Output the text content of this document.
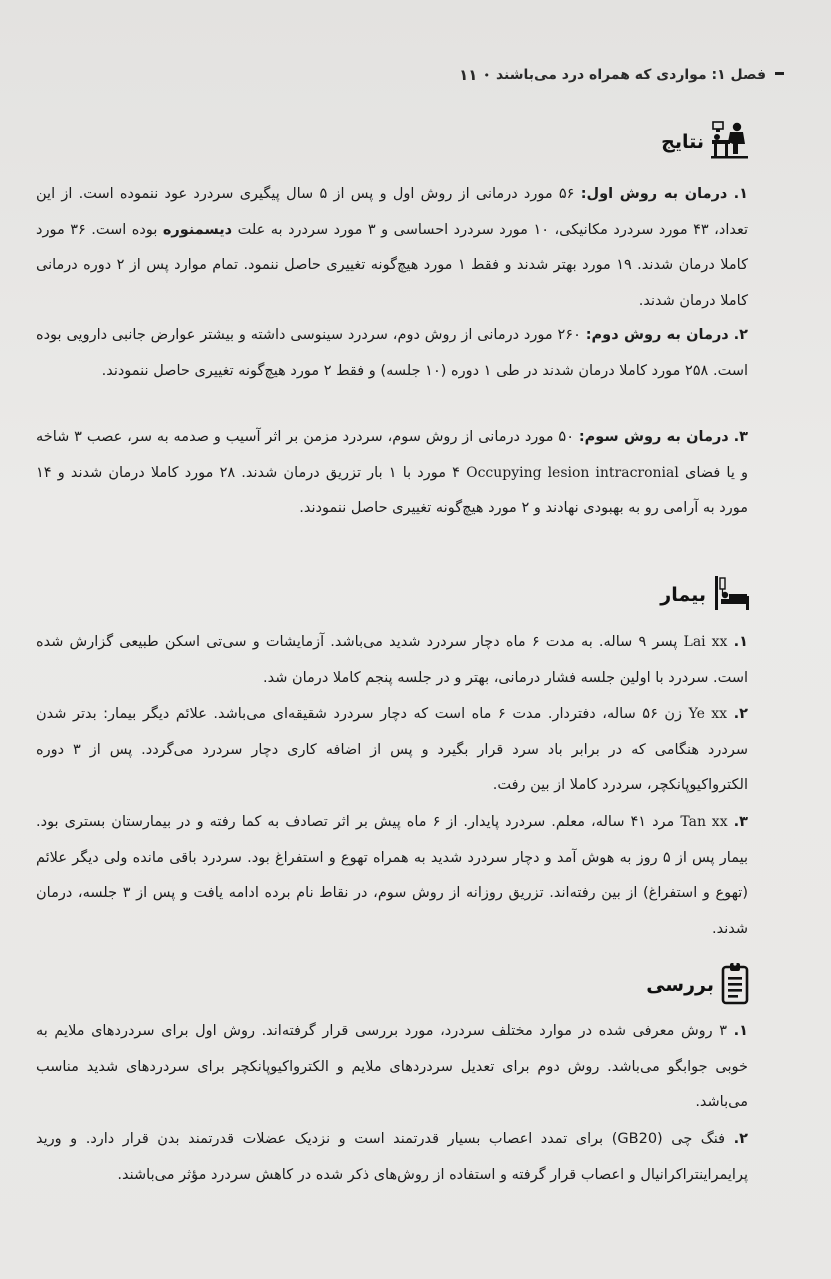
فصل ۱: مواردی که همراه درد می‌باشند
•
۱۱
نتایج
۱. درمان به روش اول: ۵۶ مورد درمانی از روش اول و پس از ۵ سال پیگیری سردرد عود ننموده است. از این تعداد، ۴۳ مورد سردرد مکانیکی، ۱۰ مورد سردرد احساسی و ۳ مورد سردرد به علت دیسمنوره بوده است. ۳۶ مورد کاملا درمان شدند. ۱۹ مورد بهتر شدند و فقط ۱ مورد هیچ‌گونه تغییری حاصل ننمود. تمام موارد پس از ۲ دوره درمانی کاملا درمان شدند.
۲. درمان به روش دوم: ۲۶۰ مورد درمانی از روش دوم، سردرد سینوسی داشته و بیشتر عوارض جانبی دارویی بوده است. ۲۵۸ مورد کاملا درمان شدند در طی ۱ دوره (۱۰ جلسه) و فقط ۲ مورد هیچ‌گونه تغییری حاصل ننمودند.
۳. درمان به روش سوم: ۵۰ مورد درمانی از روش سوم، سردرد مزمن بر اثر آسیب و صدمه به سر، عصب ۳ شاخه و یا فضای Occupying lesion intracronial ۴ مورد با ۱ بار تزریق درمان شدند. ۲۸ مورد کاملا درمان شدند و ۱۴ مورد به آرامی رو به بهبودی نهادند و ۲ مورد هیچ‌گونه تغییری حاصل ننمودند.
بیمار
۱. Lai xx پسر ۹ ساله. به مدت ۶ ماه دچار سردرد شدید می‌باشد. آزمایشات و سی‌تی اسکن طبیعی گزارش شده است. سردرد با اولین جلسه فشار درمانی، بهتر و در جلسه پنجم کاملا درمان شد.
۲. Ye xx زن ۵۶ ساله، دفتردار. مدت ۶ ماه است که دچار سردرد شقیقه‌ای می‌باشد. علائم دیگر بیمار: بدتر شدن سردرد هنگامی که در برابر باد سرد قرار بگیرد و پس از اضافه کاری دچار سردرد می‌گردد. پس از ۳ دوره الکترواکیوپانکچر، سردرد کاملا از بین رفت.
۳. Tan xx مرد ۴۱ ساله، معلم. سردرد پایدار. از ۶ ماه پیش بر اثر تصادف به کما رفته و در بیمارستان بستری بود. بیمار پس از ۵ روز به هوش آمد و دچار سردرد شدید به همراه تهوع و استفراغ بود. سردرد باقی مانده ولی دیگر علائم (تهوع و استفراغ) از بین رفته‌اند. تزریق روزانه از روش سوم، در نقاط نام برده ادامه یافت و پس از ۳ جلسه، درمان شدند.
بررسی
۱. ۳ روش معرفی شده در موارد مختلف سردرد، مورد بررسی قرار گرفته‌اند. روش اول برای سردردهای ملایم به خوبی جوابگو می‌باشد. روش دوم برای تعدیل سردردهای ملایم و الکترواکیوپانکچر برای سردردهای شدید مناسب می‌باشد.
۲. فنگ چی (GB20) برای تمدد اعصاب بسیار قدرتمند است و نزدیک عضلات قدرتمند بدن قرار دارد. و ورید پرایمراینتراکرانیال و اعصاب قرار گرفته و استفاده از روش‌های ذکر شده در کاهش سردرد مؤثر می‌باشند.
